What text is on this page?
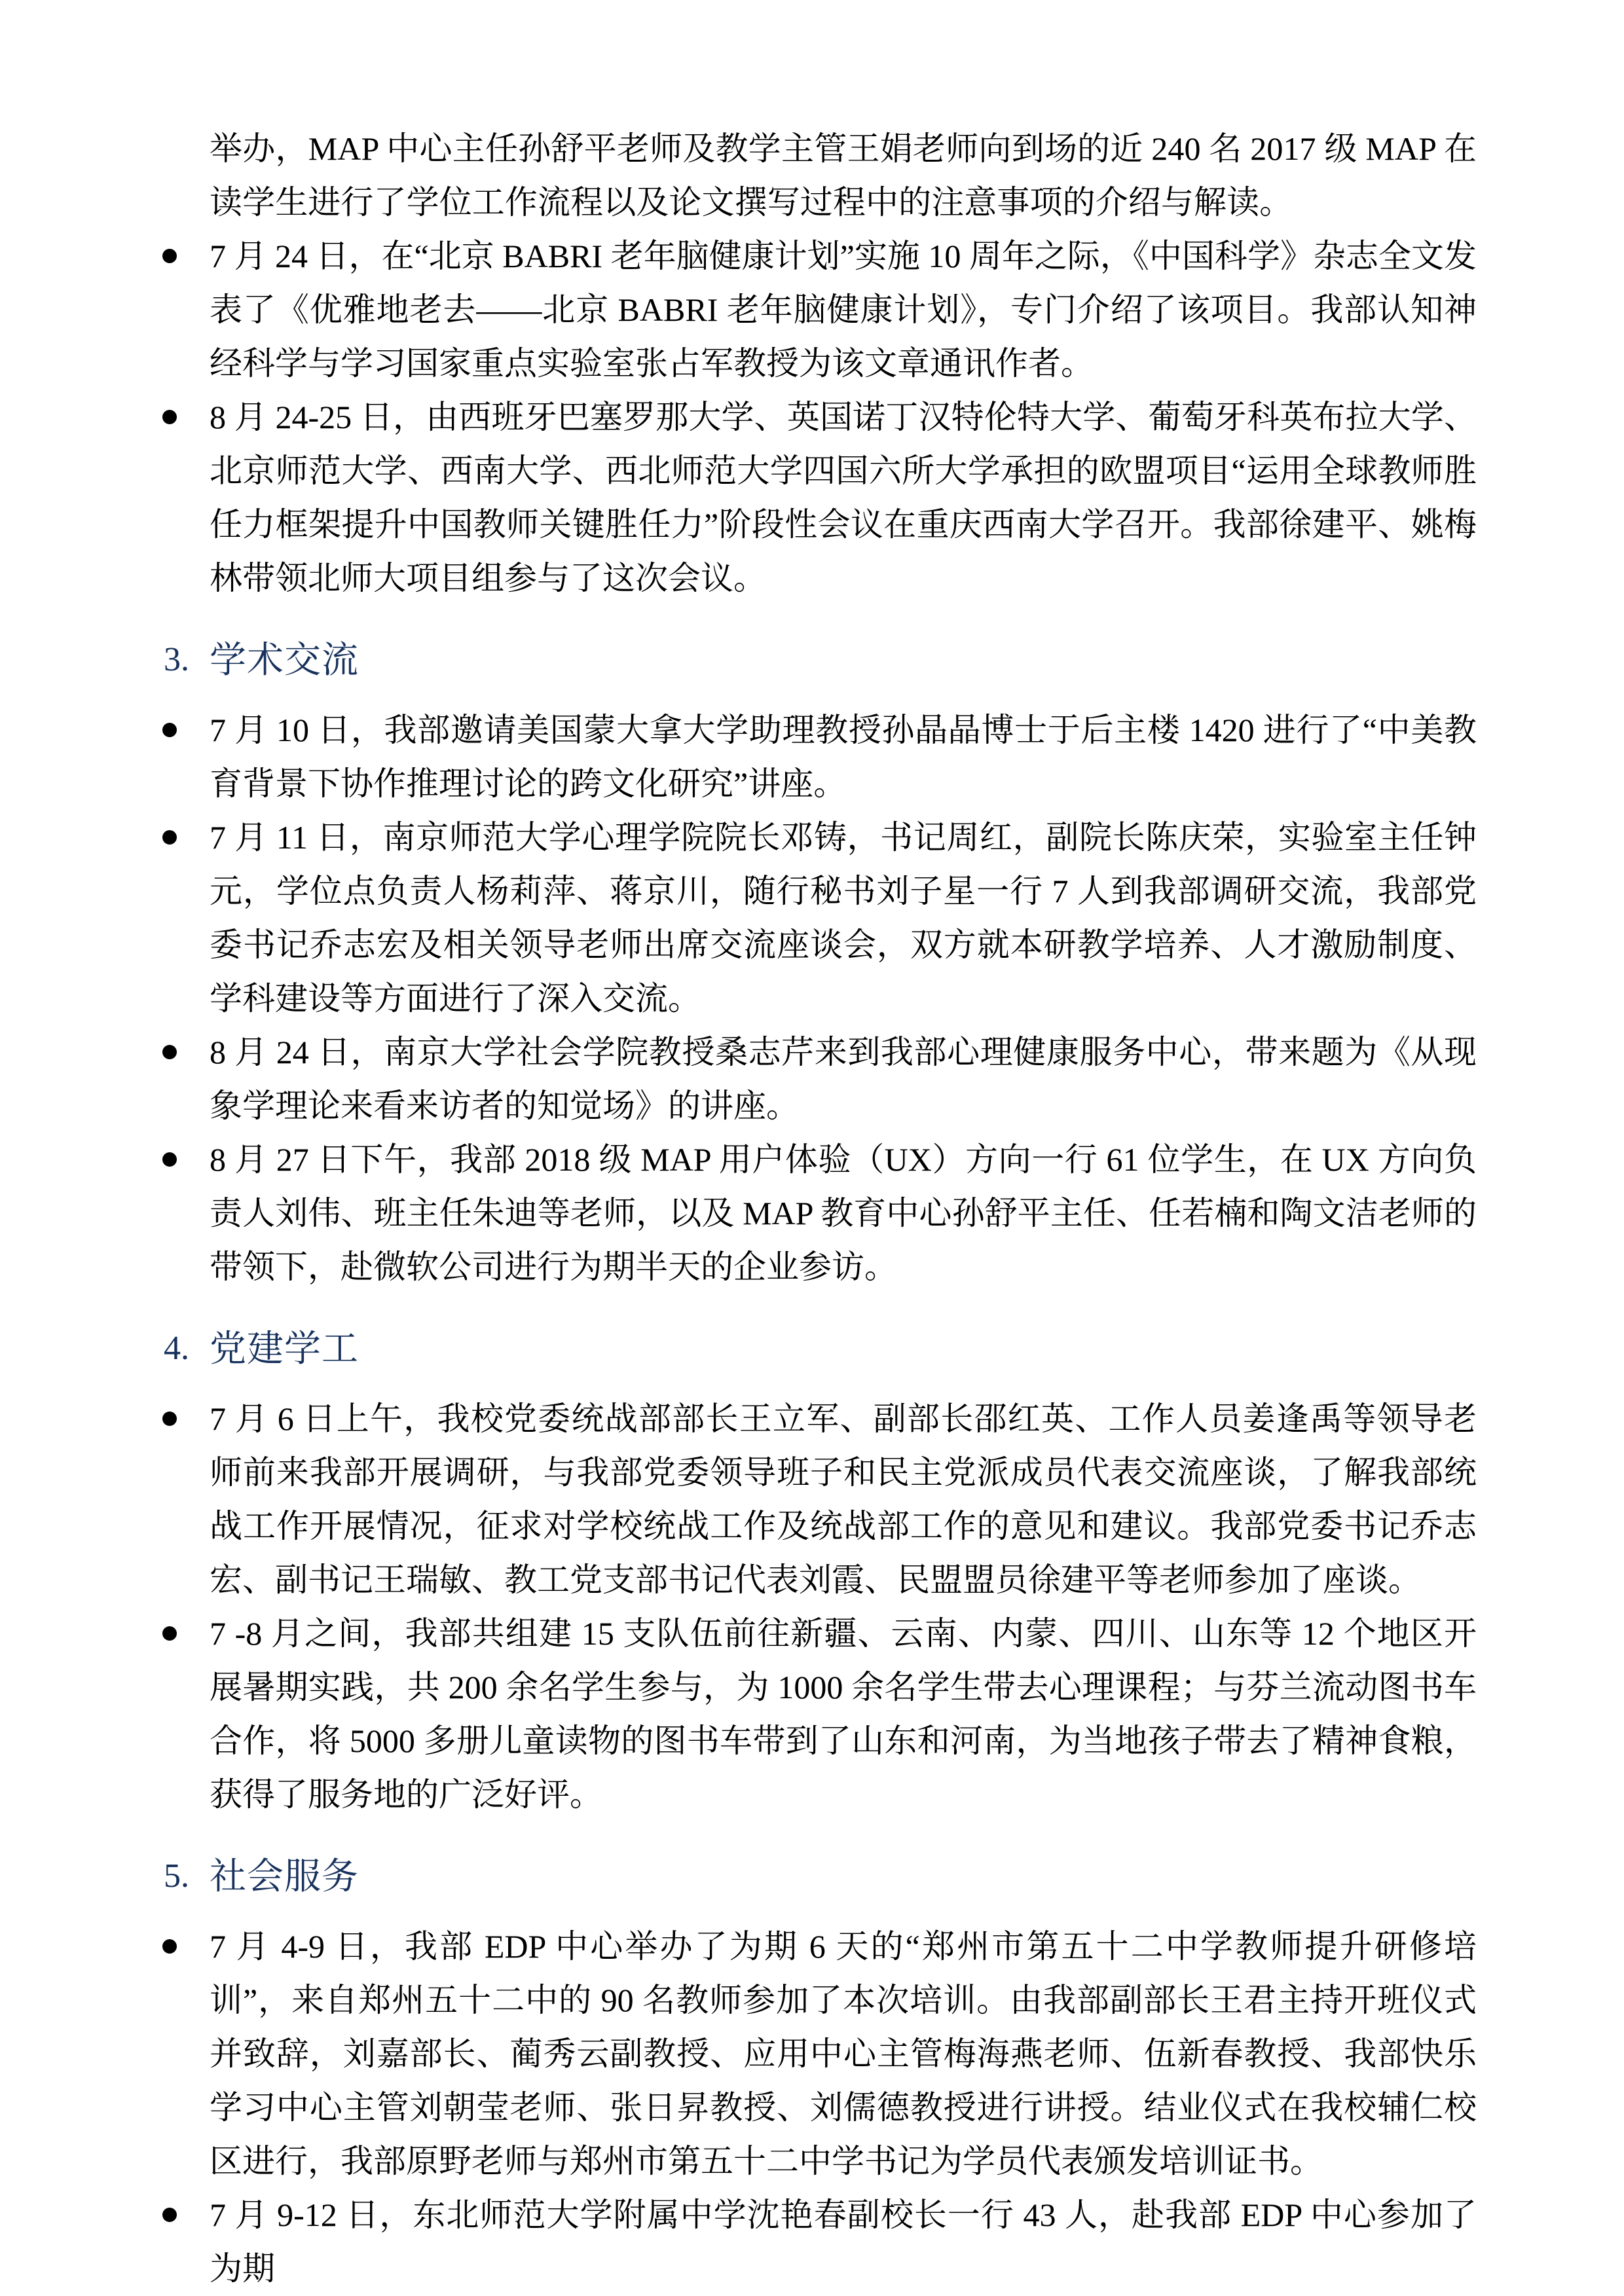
举办，MAP 中心主任孙舒平老师及教学主管王娟老师向到场的近 240 名 2017 级 MAP 在读学生进行了学位工作流程以及论文撰写过程中的注意事项的介绍与解读。

7 月 24 日，在“北京 BABRI 老年脑健康计划”实施 10 周年之际，《中国科学》杂志全文发表了《优雅地老去——北京 BABRI 老年脑健康计划》，专门介绍了该项目。我部认知神经科学与学习国家重点实验室张占军教授为该文章通讯作者。

8 月 24-25 日，由西班牙巴塞罗那大学、英国诺丁汉特伦特大学、葡萄牙科英布拉大学、北京师范大学、西南大学、西北师范大学四国六所大学承担的欧盟项目“运用全球教师胜任力框架提升中国教师关键胜任力”阶段性会议在重庆西南大学召开。我部徐建平、姚梅林带领北师大项目组参与了这次会议。

3. 学术交流

7 月 10 日，我部邀请美国蒙大拿大学助理教授孙晶晶博士于后主楼 1420 进行了“中美教育背景下协作推理讨论的跨文化研究”讲座。

7 月 11 日，南京师范大学心理学院院长邓铸，书记周红，副院长陈庆荣，实验室主任钟元，学位点负责人杨莉萍、蒋京川，随行秘书刘子星一行 7 人到我部调研交流，我部党委书记乔志宏及相关领导老师出席交流座谈会，双方就本研教学培养、人才激励制度、学科建设等方面进行了深入交流。

8 月 24 日，南京大学社会学院教授桑志芹来到我部心理健康服务中心，带来题为《从现象学理论来看来访者的知觉场》的讲座。

8 月 27 日下午，我部 2018 级 MAP 用户体验（UX）方向一行 61 位学生，在 UX 方向负责人刘伟、班主任朱迪等老师，以及 MAP 教育中心孙舒平主任、任若楠和陶文洁老师的带领下，赴微软公司进行为期半天的企业参访。

4. 党建学工

7 月 6 日上午，我校党委统战部部长王立军、副部长邵红英、工作人员姜逢禹等领导老师前来我部开展调研，与我部党委领导班子和民主党派成员代表交流座谈，了解我部统战工作开展情况，征求对学校统战工作及统战部工作的意见和建议。我部党委书记乔志宏、副书记王瑞敏、教工党支部书记代表刘霞、民盟盟员徐建平等老师参加了座谈。

7 -8 月之间，我部共组建 15 支队伍前往新疆、云南、内蒙、四川、山东等 12 个地区开展暑期实践，共 200 余名学生参与，为 1000 余名学生带去心理课程；与芬兰流动图书车合作，将 5000 多册儿童读物的图书车带到了山东和河南，为当地孩子带去了精神食粮，获得了服务地的广泛好评。

5. 社会服务

7 月 4-9 日，我部 EDP 中心举办了为期 6 天的“郑州市第五十二中学教师提升研修培训”，来自郑州五十二中的 90 名教师参加了本次培训。由我部副部长王君主持开班仪式并致辞，刘嘉部长、蔺秀云副教授、应用中心主管梅海燕老师、伍新春教授、我部快乐学习中心主管刘朝莹老师、张日昇教授、刘儒德教授进行讲授。结业仪式在我校辅仁校区进行，我部原野老师与郑州市第五十二中学书记为学员代表颁发培训证书。

7 月 9-12 日，东北师范大学附属中学沈艳春副校长一行 43 人，赴我部 EDP 中心参加了为期
